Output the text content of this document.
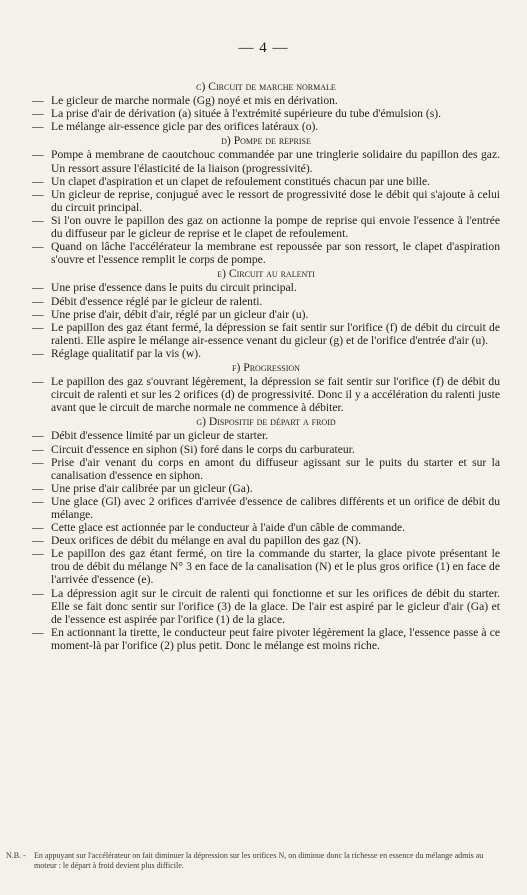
— 4 —
c) Circuit de marche normale
— Le gicleur de marche normale (Gg) noyé et mis en dérivation.
— La prise d'air de dérivation (a) située à l'extrémité supérieure du tube d'émulsion (s).
— Le mélange air-essence gicle par des orifices latéraux (o).
d) Pompe de reprise
— Pompe à membrane de caoutchouc commandée par une tringlerie solidaire du papillon des gaz. Un ressort assure l'élasticité de la liaison (progressivité).
— Un clapet d'aspiration et un clapet de refoulement constitués chacun par une bille.
— Un gicleur de reprise, conjugué avec le ressort de progressivité dose le débit qui s'ajoute à celui du circuit principal.
— Si l'on ouvre le papillon des gaz on actionne la pompe de reprise qui envoie l'essence à l'entrée du diffuseur par le gicleur de reprise et le clapet de refoulement.
— Quand on lâche l'accélérateur la membrane est repoussée par son ressort, le clapet d'aspiration s'ouvre et l'essence remplit le corps de pompe.
e) Circuit au ralenti
— Une prise d'essence dans le puits du circuit principal.
— Débit d'essence réglé par le gicleur de ralenti.
— Une prise d'air, débit d'air, réglé par un gicleur d'air (u).
— Le papillon des gaz étant fermé, la dépression se fait sentir sur l'orifice (f) de débit du circuit de ralenti. Elle aspire le mélange air-essence venant du gicleur (g) et de l'orifice d'entrée d'air (u).
— Réglage qualitatif par la vis (w).
f) Progression
— Le papillon des gaz s'ouvrant légèrement, la dépression se fait sentir sur l'orifice (f) de débit du circuit de ralenti et sur les 2 orifices (d) de progressivité. Donc il y a accélération du ralenti juste avant que le circuit de marche normale ne commence à débiter.
g) Dispositif de départ a froid
— Débit d'essence limité par un gicleur de starter.
— Circuit d'essence en siphon (Si) foré dans le corps du carburateur.
— Prise d'air venant du corps en amont du diffuseur agissant sur le puits du starter et sur la canalisation d'essence en siphon.
— Une prise d'air calibrée par un gicleur (Ga).
— Une glace (Gl) avec 2 orifices d'arrivée d'essence de calibres différents et un orifice de débit du mélange.
— Cette glace est actionnée par le conducteur à l'aide d'un câble de commande.
— Deux orifices de débit du mélange en aval du papillon des gaz (N).
— Le papillon des gaz étant fermé, on tire la commande du starter, la glace pivote présentant le trou de débit du mélange N° 3 en face de la canalisation (N) et le plus gros orifice (1) en face de l'arrivée d'essence (e).
— La dépression agit sur le circuit de ralenti qui fonctionne et sur les orifices de débit du starter. Elle se fait donc sentir sur l'orifice (3) de la glace. De l'air est aspiré par le gicleur d'air (Ga) et de l'essence est aspirée par l'orifice (1) de la glace.
— En actionnant la tirette, le conducteur peut faire pivoter légèrement la glace, l'essence passe à ce moment-là par l'orifice (2) plus petit. Donc le mélange est moins riche.
N.B. -	En appuyant sur l'accélérateur on fait diminuer la dépression sur les orifices N, on diminue donc la richesse en essence du mélange admis au moteur : le départ à froid devient plus difficile.
